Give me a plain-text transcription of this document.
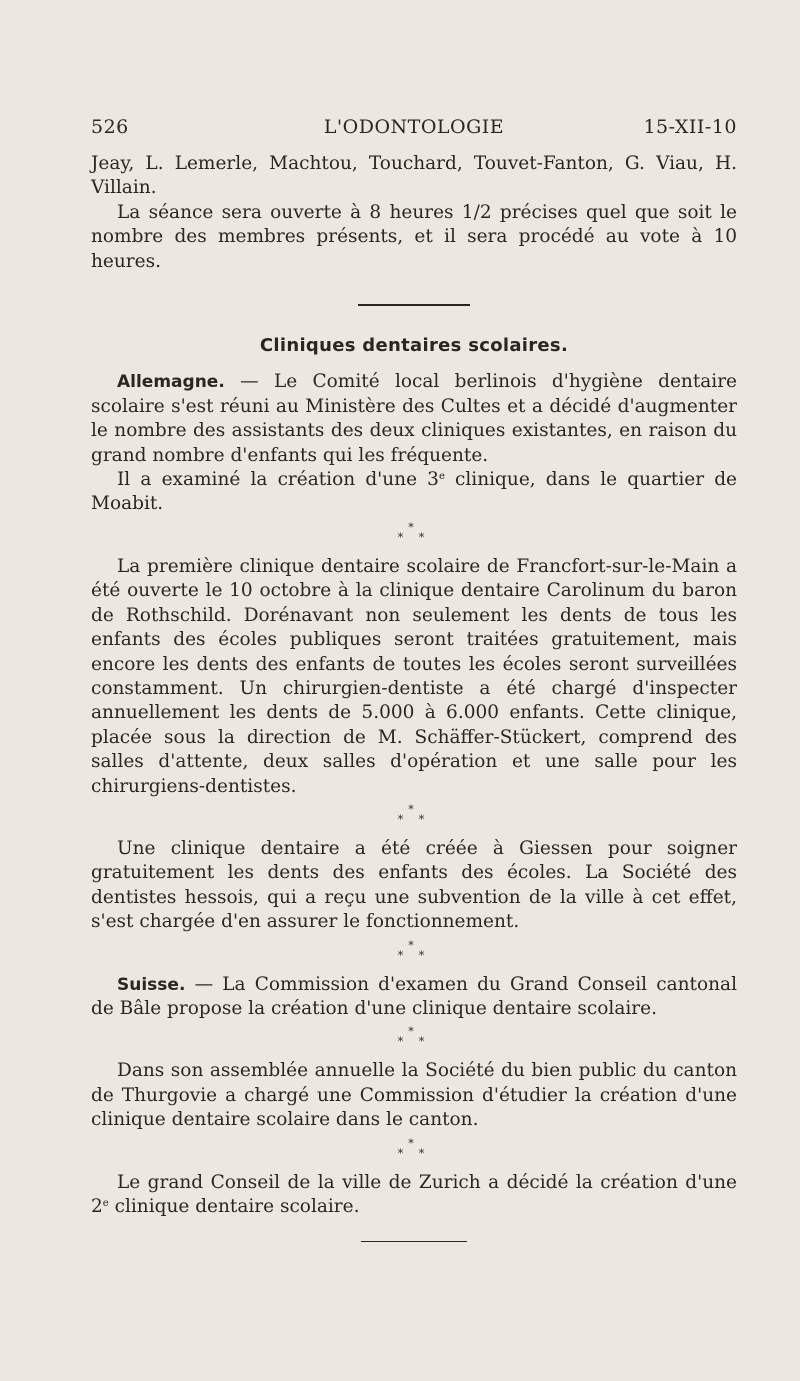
526	L'ODONTOLOGIE	15-XII-10

Jeay, L. Lemerle, Machtou, Touchard, Touvet-Fanton, G. Viau, H. Villain.

La séance sera ouverte à 8 heures 1/2 précises quel que soit le nombre des membres présents, et il sera procédé au vote à 10 heures.

Cliniques dentaires scolaires.

Allemagne. — Le Comité local berlinois d'hygiène dentaire scolaire s'est réuni au Ministère des Cultes et a décidé d'augmenter le nombre des assistants des deux cliniques existantes, en raison du grand nombre d'enfants qui les fréquente.

Il a examiné la création d'une 3e clinique, dans le quartier de Moabit.

*
* *

La première clinique dentaire scolaire de Francfort-sur-le-Main a été ouverte le 10 octobre à la clinique dentaire Carolinum du baron de Rothschild. Dorénavant non seulement les dents de tous les enfants des écoles publiques seront traitées gratuitement, mais encore les dents des enfants de toutes les écoles seront surveillées constamment. Un chirurgien-dentiste a été chargé d'inspecter annuellement les dents de 5.000 à 6.000 enfants. Cette clinique, placée sous la direction de M. Schäffer-Stückert, comprend des salles d'attente, deux salles d'opération et une salle pour les chirurgiens-dentistes.

*
* *

Une clinique dentaire a été créée à Giessen pour soigner gratuitement les dents des enfants des écoles. La Société des dentistes hessois, qui a reçu une subvention de la ville à cet effet, s'est chargée d'en assurer le fonctionnement.

*
* *

Suisse. — La Commission d'examen du Grand Conseil cantonal de Bâle propose la création d'une clinique dentaire scolaire.

*
* *

Dans son assemblée annuelle la Société du bien public du canton de Thurgovie a chargé une Commission d'étudier la création d'une clinique dentaire scolaire dans le canton.

*
* *

Le grand Conseil de la ville de Zurich a décidé la création d'une 2e clinique dentaire scolaire.
